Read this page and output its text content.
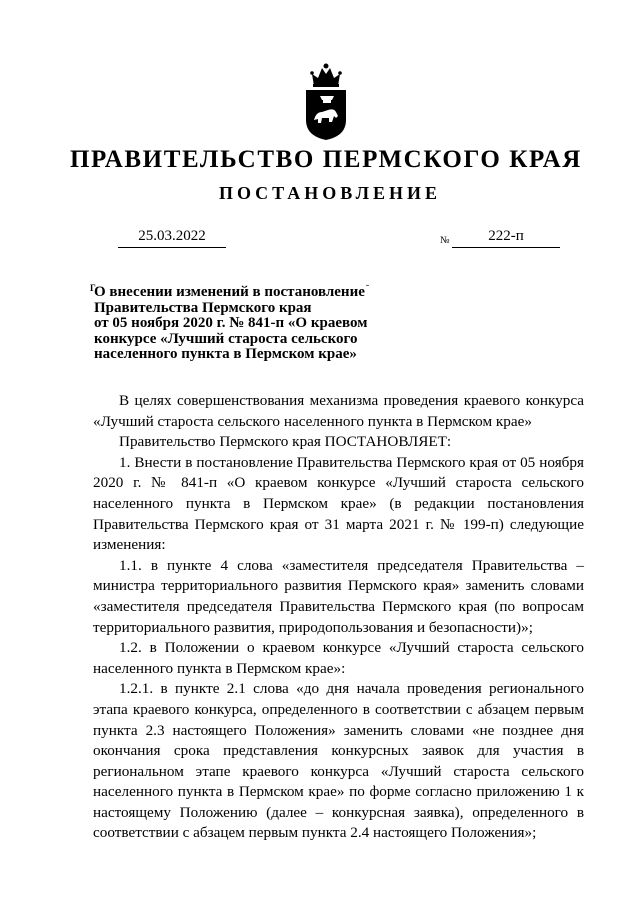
ПРАВИТЕЛЬСТВО ПЕРМСКОГО КРАЯ
ПОСТАНОВЛЕНИЕ
25.03.2022	№	222-п
Г	ˉ
О внесении изменений в постановление
Правительства Пермского края
от 05 ноября 2020 г. № 841-п «О краевом
конкурсе «Лучший староста сельского
населенного пункта в Пермском крае»

В целях совершенствования механизма проведения краевого конкурса «Лучший староста сельского населенного пункта в Пермском крае»

Правительство Пермского края ПОСТАНОВЛЯЕТ:

1. Внести в постановление Правительства Пермского края от 05 ноября 2020 г. № 841-п «О краевом конкурсе «Лучший староста сельского населенного пункта в Пермском крае» (в редакции постановления Правительства Пермского края от 31 марта 2021 г. № 199-п) следующие изменения:

1.1. в пункте 4 слова «заместителя председателя Правительства – министра территориального развития Пермского края» заменить словами «заместителя председателя Правительства Пермского края (по вопросам территориального развития, природопользования и безопасности)»;

1.2. в Положении о краевом конкурсе «Лучший староста сельского населенного пункта в Пермском крае»:

1.2.1. в пункте 2.1 слова «до дня начала проведения регионального этапа краевого конкурса, определенного в соответствии с абзацем первым пункта 2.3 настоящего Положения» заменить словами «не позднее дня окончания срока представления конкурсных заявок для участия в региональном этапе краевого конкурса «Лучший староста сельского населенного пункта в Пермском крае» по форме согласно приложению 1 к настоящему Положению (далее – конкурсная заявка), определенного в соответствии с абзацем первым пункта 2.4 настоящего Положения»;
